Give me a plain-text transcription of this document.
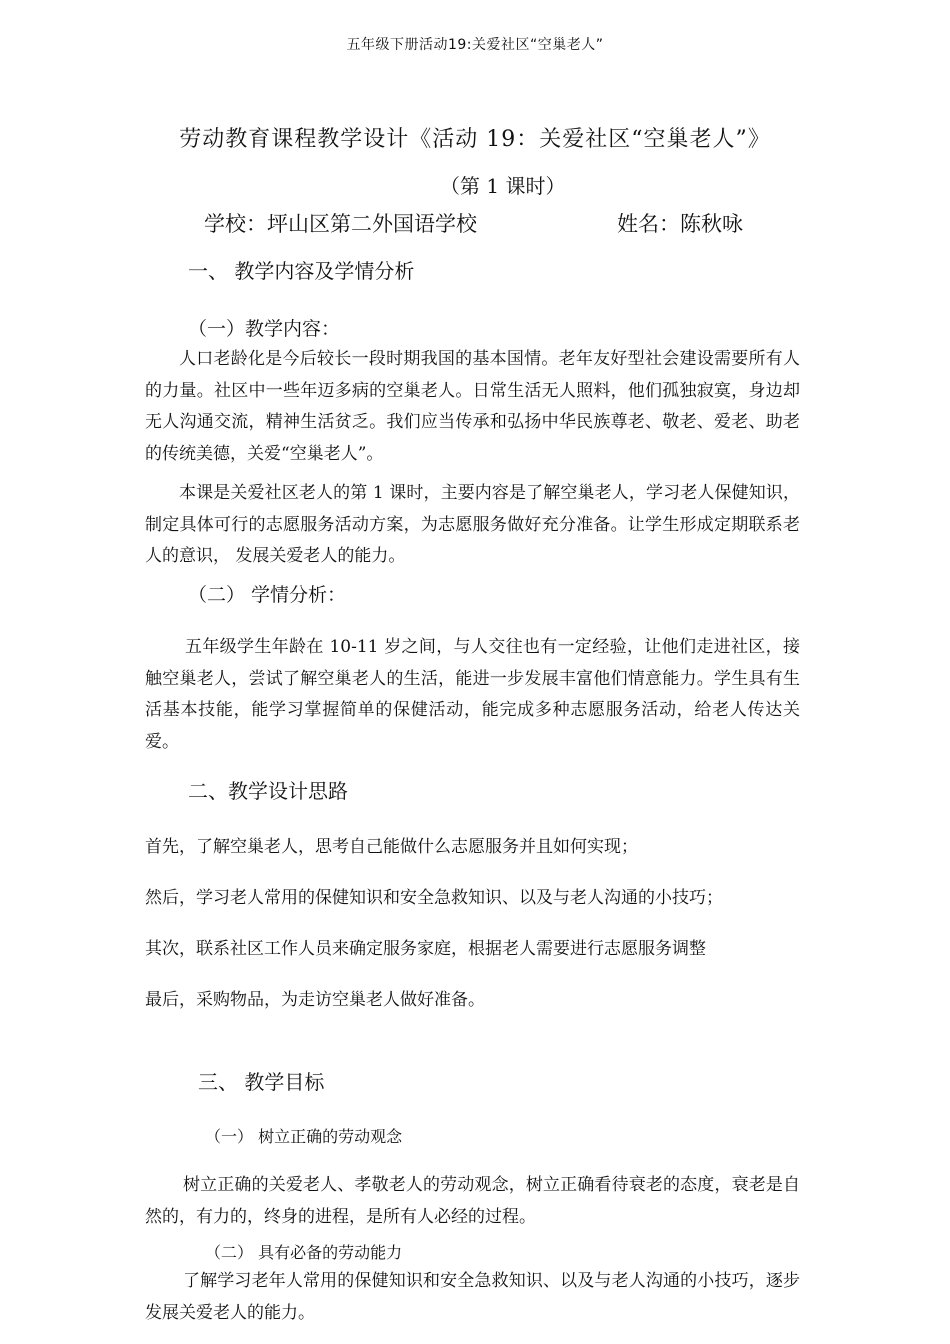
五年级下册活动19:关爱社区“空巢老人”
劳动教育课程教学设计《活动 19：关爱社区“空巢老人”》
（第 1 课时）
学校：坪山区第二外国语学校	姓名：陈秋咏
一、 教学内容及学情分析
（一）教学内容：
人口老龄化是今后较长一段时期我国的基本国情。老年友好型社会建设需要所有人的力量。社区中一些年迈多病的空巢老人。日常生活无人照料，他们孤独寂寞，身边却无人沟通交流，精神生活贫乏。我们应当传承和弘扬中华民族尊老、敬老、爱老、助老的传统美德，关爱“空巢老人”。
本课是关爱社区老人的第 1 课时，主要内容是了解空巢老人，学习老人保健知识，制定具体可行的志愿服务活动方案，为志愿服务做好充分准备。让学生形成定期联系老人的意识， 发展关爱老人的能力。
（二） 学情分析：
五年级学生年龄在 10-11 岁之间，与人交往也有一定经验，让他们走进社区，接触空巢老人，尝试了解空巢老人的生活，能进一步发展丰富他们情意能力。学生具有生活基本技能，能学习掌握简单的保健活动，能完成多种志愿服务活动，给老人传达关爱。
二、教学设计思路
首先，了解空巢老人，思考自己能做什么志愿服务并且如何实现；
然后，学习老人常用的保健知识和安全急救知识、以及与老人沟通的小技巧；
其次，联系社区工作人员来确定服务家庭，根据老人需要进行志愿服务调整
最后，采购物品，为走访空巢老人做好准备。
三、 教学目标
（一） 树立正确的劳动观念
树立正确的关爱老人、孝敬老人的劳动观念，树立正确看待衰老的态度，衰老是自然的，有力的，终身的进程，是所有人必经的过程。
（二） 具有必备的劳动能力
了解学习老年人常用的保健知识和安全急救知识、以及与老人沟通的小技巧，逐步发展关爱老人的能力。
